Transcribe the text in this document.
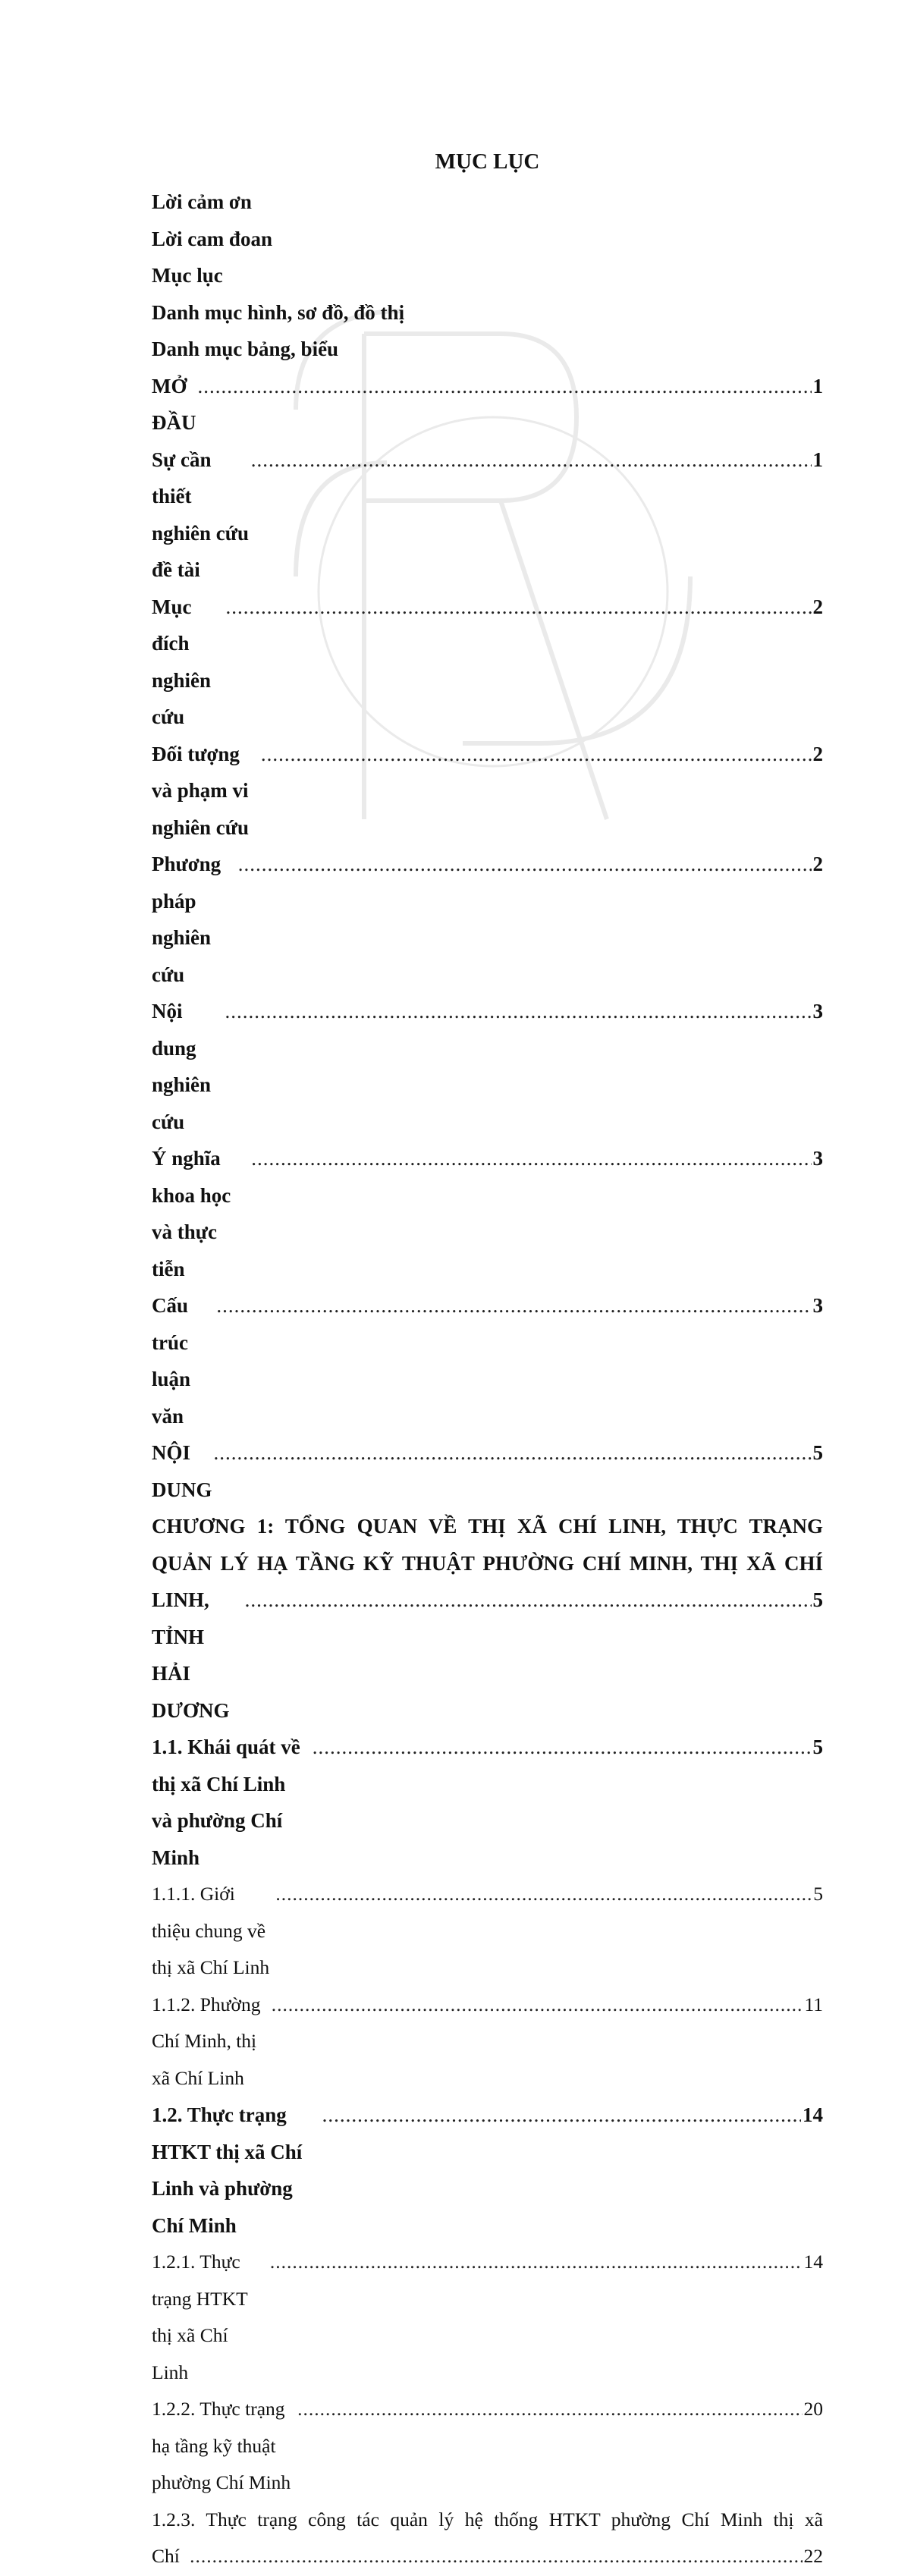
MỤC LỤC
Lời cảm ơn
Lời cam đoan
Mục lục
Danh mục hình, sơ đồ, đồ thị
Danh mục bảng, biểu
MỞ ĐẦU
.....
1
Sự cần thiết nghiên cứu đề tài
.....
1
Mục đích nghiên cứu
.....
2
Đối tượng và phạm vi nghiên cứu
.....
2
Phương pháp nghiên cứu
.....
2
Nội dung nghiên cứu
.....
3
Ý nghĩa khoa học và thực tiễn
.....
3
Cấu trúc luận văn
.....
3
NỘI DUNG
.....
5
CHƯƠNG 1: TỔNG QUAN VỀ THỊ XÃ CHÍ LINH, THỰC TRẠNG QUẢN LÝ HẠ TẦNG KỸ THUẬT PHƯỜNG CHÍ MINH, THỊ XÃ CHÍ
LINH, TỈNH HẢI DƯƠNG
.....
5
1.1. Khái quát về thị xã Chí Linh và phường Chí Minh
.....
5
1.1.1. Giới thiệu chung về thị xã Chí Linh
.....
5
1.1.2. Phường Chí Minh, thị xã Chí Linh
.....
11
1.2. Thực trạng HTKT thị xã Chí Linh và phường Chí Minh
.....
14
1.2.1. Thực trạng HTKT thị xã Chí Linh
.....
14
1.2.2. Thực trạng hạ tầng kỹ thuật phường Chí Minh
.....
20
1.2.3. Thực trạng công tác quản lý hệ thống HTKT phường Chí Minh thị xã
Chí
.....	22
